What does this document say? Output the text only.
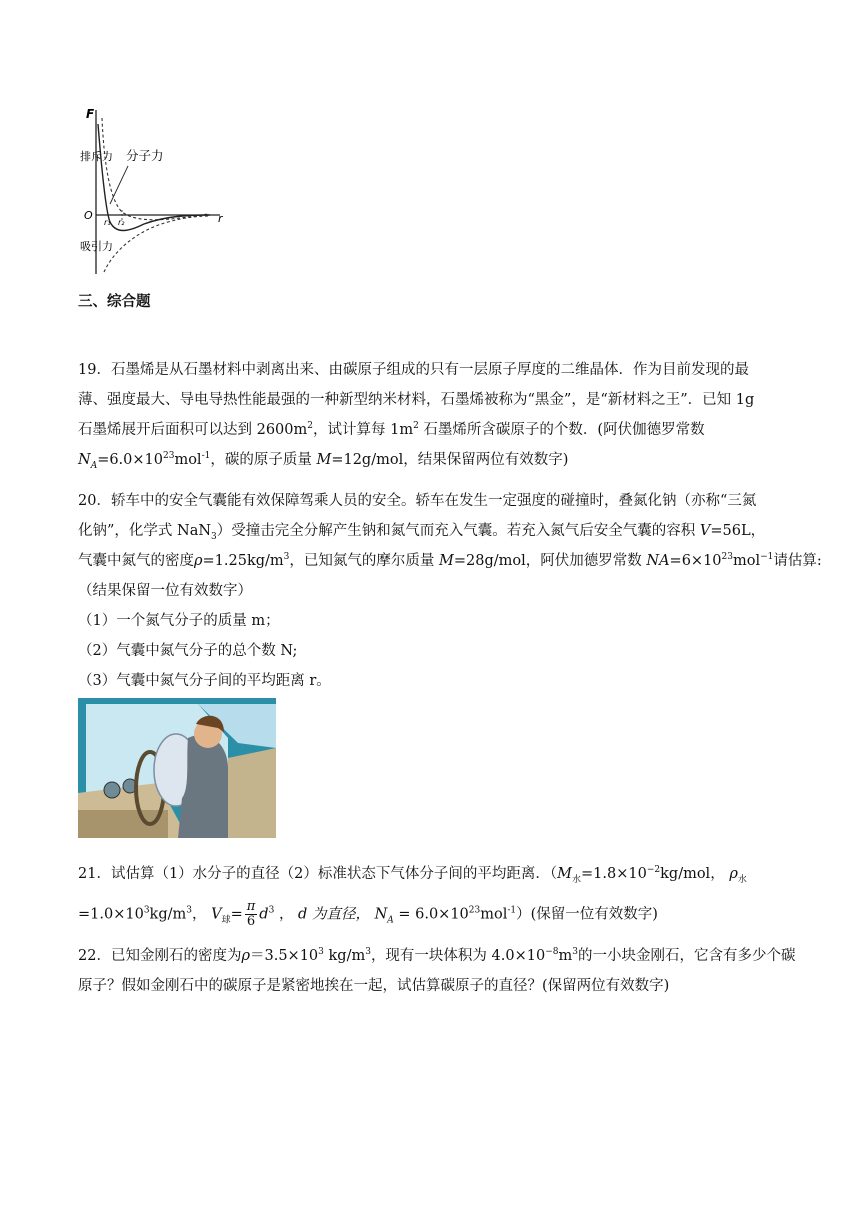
F
r
O
r₁ r₂
排斥力
吸引力
分子力
三、综合题
19．石墨烯是从石墨材料中剥离出来、由碳原子组成的只有一层原子厚度的二维晶体．作为目前发现的最
薄、强度最大、导电导热性能最强的一种新型纳米材料，石墨烯被称为“黑金”，是“新材料之王”．已知 1g
石墨烯展开后面积可以达到 $2600m^2$，试计算每 $1m^2$ 石墨烯所含碳原子的个数．(阿伏伽德罗常数
$N_A=6.0\times 10^{23}mol^{-1}$，碳的原子质量 M=12g/mol，结果保留两位有效数字)
20．轿车中的安全气囊能有效保障驾乘人员的安全。轿车在发生一定强度的碰撞时，叠氮化钠（亦称“三氮
化钠”，化学式 NaN$_3$）受撞击完全分解产生钠和氮气而充入气囊。若充入氮气后安全气囊的容积 V=56L，
气囊中氮气的密度$\rho=1.25kg/m^3$，已知氮气的摩尔质量 M=28g/mol，阿伏加德罗常数 $NA=6\times 10^{23}mol^{-1}$请估算:
（结果保留一位有效数字）
（1）一个氮气分子的质量 m；
（2）气囊中氮气分子的总个数 N;
（3）气囊中氮气分子间的平均距离 r。
21．试估算（1）水分子的直径（2）标准状态下气体分子间的平均距离．（$M_水=1.8\times 10^{-2}kg$/mol， $\rho_水$
$=1.0\times 10^3kg/m^3$， $V_球= \frac{\pi}{6} d^3$ ， d 为直径， $N_A = 6.0\times 10^{23}mol^{-1}$）(保留一位有效数字)
22．已知金刚石的密度为$\rho=3.5\times 10^3$ $kg/m^3$，现有一块体积为 $4.0\times 10^{-8}m^3$的一小块金刚石，它含有多少个碳
原子？假如金刚石中的碳原子是紧密地挨在一起，试估算碳原子的直径？(保留两位有效数字)
